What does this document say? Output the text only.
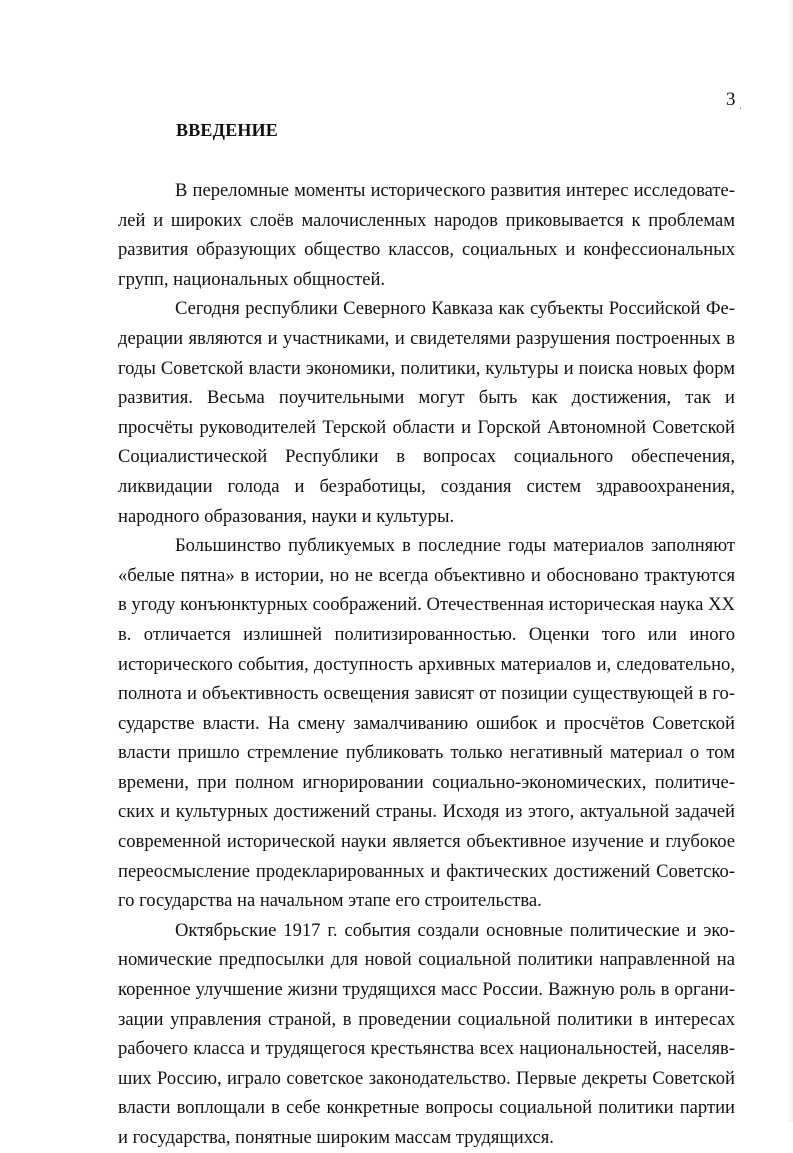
3 ·
ВВЕДЕНИЕ

В переломные моменты исторического развития интерес исследователей и широких слоёв малочисленных народов приковывается к проблемам развития образующих общество классов, социальных и конфессиональных групп, национальных общностей.

Сегодня республики Северного Кавказа как субъекты Российской Федерации являются и участниками, и свидетелями разрушения построенных в годы Советской власти экономики, политики, культуры и поиска новых форм развития. Весьма поучительными могут быть как достижения, так и просчёты руководителей Терской области и Горской Автономной Советской Социалистической Республики в вопросах социального обеспечения, ликвидации голода и безработицы, создания систем здравоохранения, народного образования, науки и культуры.

Большинство публикуемых в последние годы материалов заполняют «белые пятна» в истории, но не всегда объективно и обосновано трактуются в угоду конъюнктурных соображений. Отечественная историческая наука XX в. отличается излишней политизированностью. Оценки того или иного исторического события, доступность архивных материалов и, следовательно, полнота и объективность освещения зависят от позиции существующей в государстве власти. На смену замалчиванию ошибок и просчётов Советской власти пришло стремление публиковать только негативный материал о том времени, при полном игнорировании социально-экономических, политических и культурных достижений страны. Исходя из этого, актуальной задачей современной исторической науки является объективное изучение и глубокое переосмысление продекларированных и фактических достижений Советского государства на начальном этапе его строительства.

Октябрьские 1917 г. события создали основные политические и экономические предпосылки для новой социальной политики направленной на коренное улучшение жизни трудящихся масс России. Важную роль в организации управления страной, в проведении социальной политики в интересах рабочего класса и трудящегося крестьянства всех национальностей, населявших Россию, играло советское законодательство. Первые декреты Советской власти воплощали в себе конкретные вопросы социальной политики партии и государства, понятные широким массам трудящихся.
